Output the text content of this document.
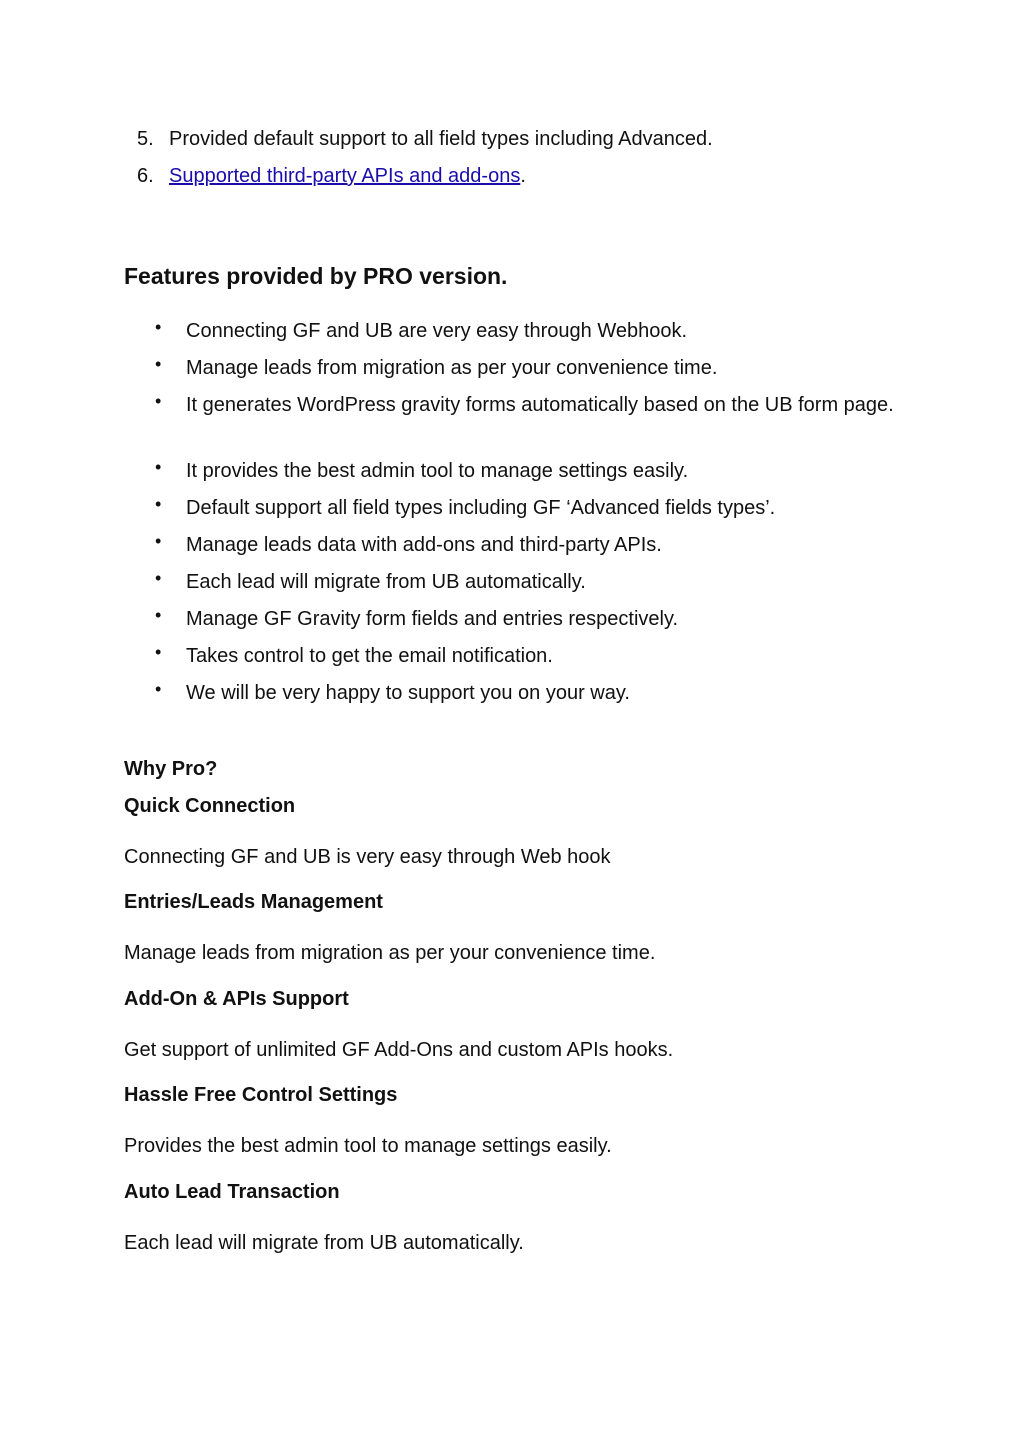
5. Provided default support to all field types including Advanced.
6. Supported third-party APIs and add-ons.
Features provided by PRO version.
• Connecting GF and UB are very easy through Webhook.
• Manage leads from migration as per your convenience time.
• It generates WordPress gravity forms automatically based on the UB form page.
• It provides the best admin tool to manage settings easily.
• Default support all field types including GF ‘Advanced fields types’.
• Manage leads data with add-ons and third-party APIs.
• Each lead will migrate from UB automatically.
• Manage GF Gravity form fields and entries respectively.
• Takes control to get the email notification.
• We will be very happy to support you on your way.
Why Pro?
Quick Connection
Connecting GF and UB is very easy through Web hook
Entries/Leads Management
Manage leads from migration as per your convenience time.
Add-On & APIs Support
Get support of unlimited GF Add-Ons and custom APIs hooks.
Hassle Free Control Settings
Provides the best admin tool to manage settings easily.
Auto Lead Transaction
Each lead will migrate from UB automatically.
